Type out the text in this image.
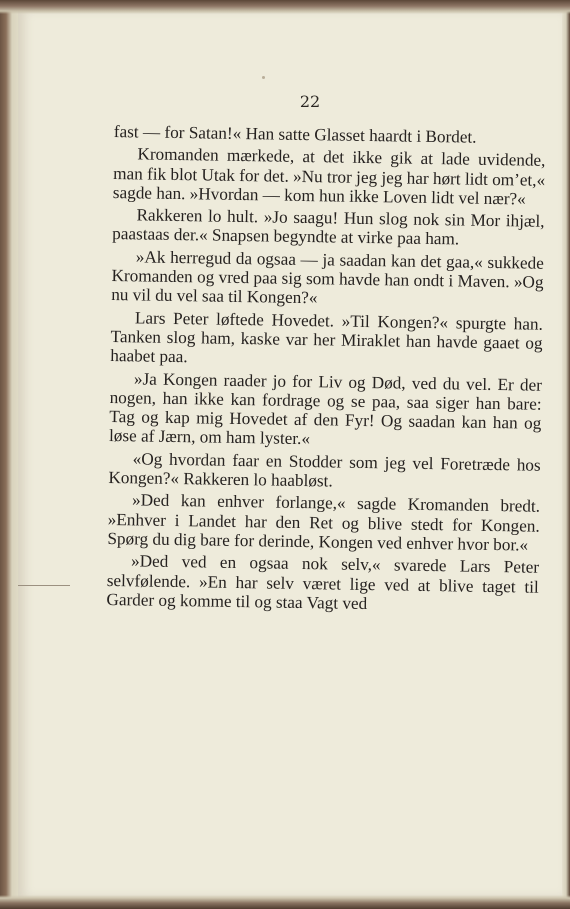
22

fast — for Satan!« Han satte Glasset haardt i Bordet.

Kromanden mærkede, at det ikke gik at lade uvidende, man fik blot Utak for det. »Nu tror jeg jeg har hørt lidt om’et,« sagde han. »Hvordan — kom hun ikke Loven lidt vel nær?«

Rakkeren lo hult. »Jo saagu! Hun slog nok sin Mor ihjæl, paastaas der.« Snapsen begyndte at virke paa ham.

»Ak herregud da ogsaa — ja saadan kan det gaa,« sukkede Kromanden og vred paa sig som havde han ondt i Maven. »Og nu vil du vel saa til Kongen?«

Lars Peter løftede Hovedet. »Til Kongen?« spurgte han. Tanken slog ham, kaske var her Miraklet han havde gaaet og haabet paa.

»Ja Kongen raader jo for Liv og Død, ved du vel. Er der nogen, han ikke kan fordrage og se paa, saa siger han bare: Tag og kap mig Hovedet af den Fyr! Og saadan kan han og løse af Jærn, om ham lyster.«

«Og hvordan faar en Stodder som jeg vel Foretræde hos Kongen?« Rakkeren lo haabløst.

»Ded kan enhver forlange,« sagde Kromanden bredt. »Enhver i Landet har den Ret og blive stedt for Kongen. Spørg du dig bare for derinde, Kongen ved enhver hvor bor.«

»Ded ved en ogsaa nok selv,« svarede Lars Peter selvfølende. »En har selv været lige ved at blive taget til Garder og komme til og staa Vagt ved
